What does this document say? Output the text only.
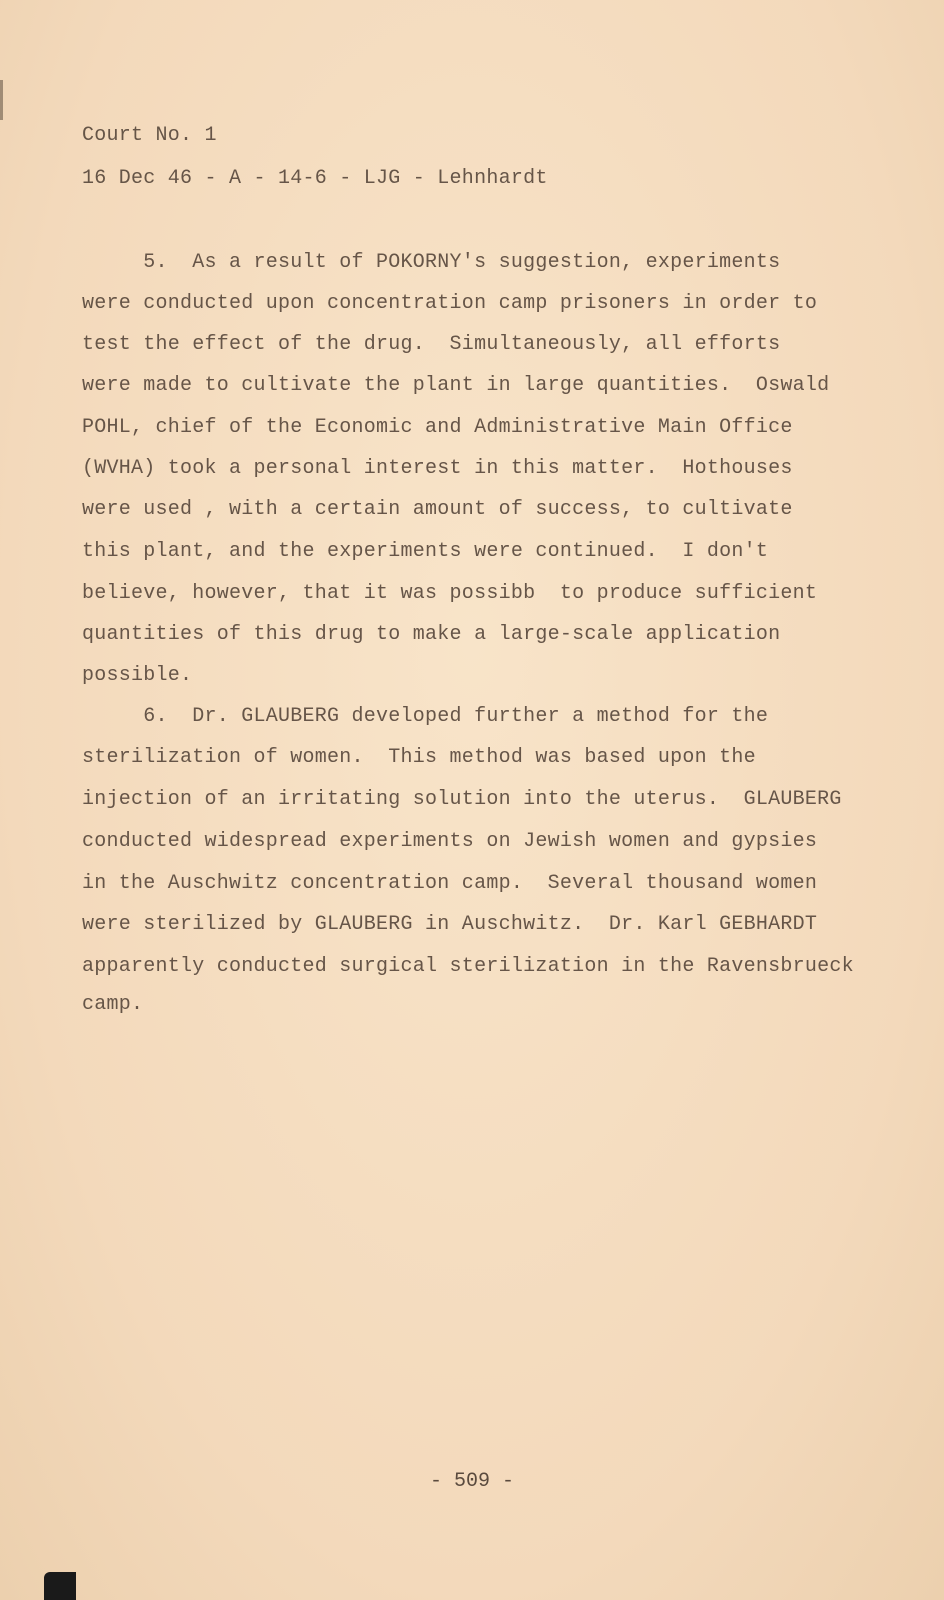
Court No. 1
16 Dec 46 - A - 14-6 - LJG - Lehnhardt
5.  As a result of POKORNY's suggestion, experiments
were conducted upon concentration camp prisoners in order to
test the effect of the drug.  Simultaneously, all efforts
were made to cultivate the plant in large quantities.  Oswald
POHL, chief of the Economic and Administrative Main Office
(WVHA) took a personal interest in this matter.  Hothouses
were used , with a certain amount of success, to cultivate
this plant, and the experiments were continued.  I don't
believe, however, that it was possibb  to produce sufficient
quantities of this drug to make a large-scale application
possible.
6.  Dr. GLAUBERG developed further a method for the
sterilization of women.  This method was based upon the
injection of an irritating solution into the uterus.  GLAUBERG
conducted widespread experiments on Jewish women and gypsies
in the Auschwitz concentration camp.  Several thousand women
were sterilized by GLAUBERG in Auschwitz.  Dr. Karl GEBHARDT
apparently conducted surgical sterilization in the Ravensbrueck
camp.
- 509 -
